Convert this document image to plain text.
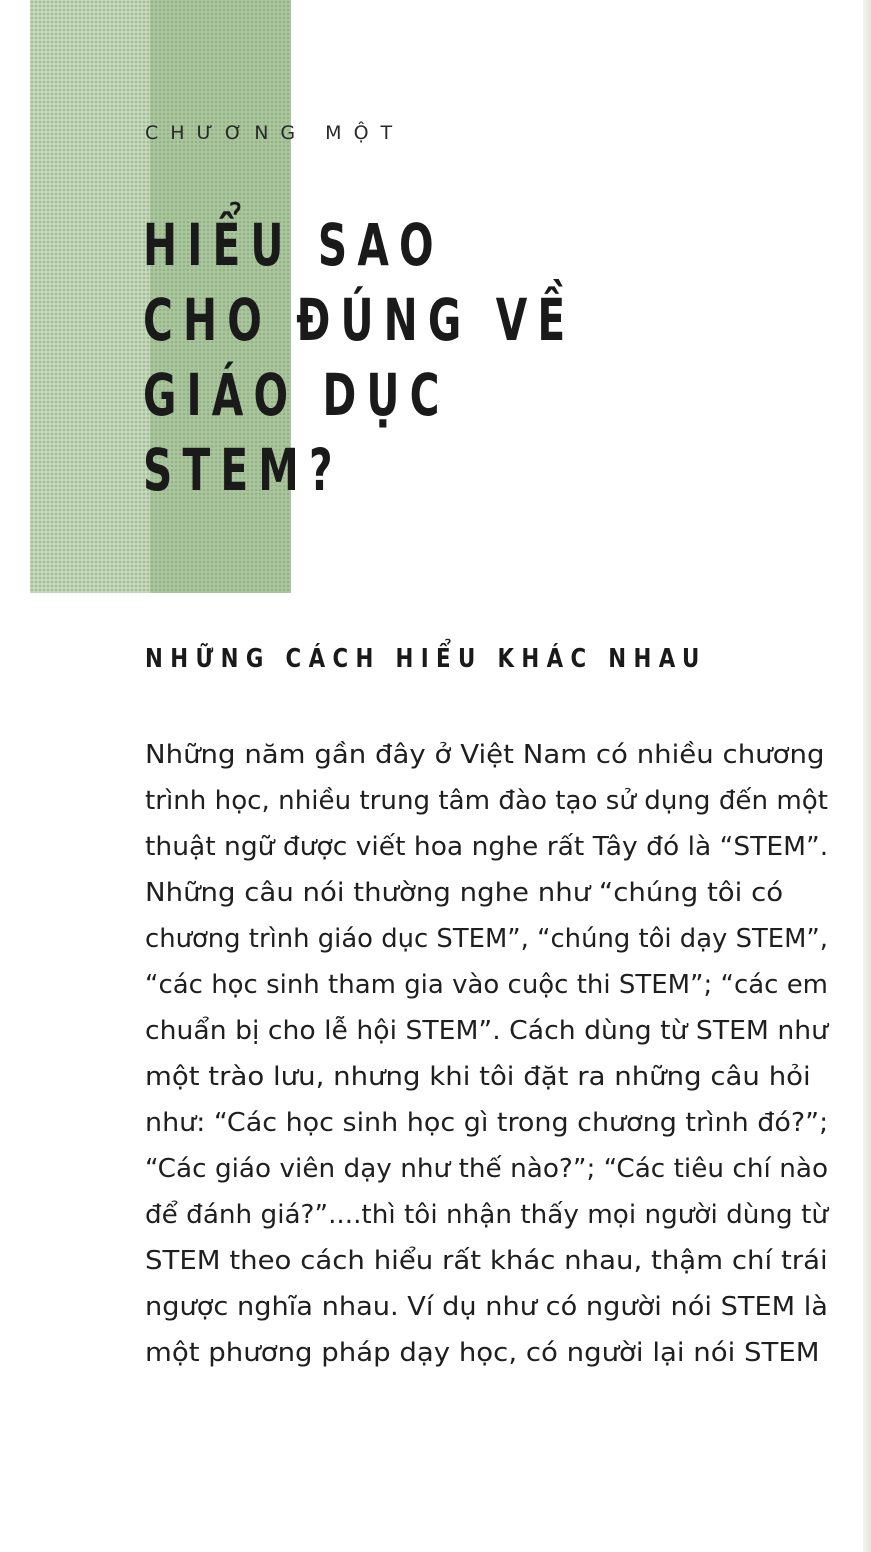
CHƯƠNG MỘT
HIỂU SAO
CHO ĐÚNG VỀ
GIÁO DỤC
STEM?
NHỮNG CÁCH HIỂU KHÁC NHAU
Những năm gần đây ở Việt Nam có nhiều chương
trình học, nhiều trung tâm đào tạo sử dụng đến một
thuật ngữ được viết hoa nghe rất Tây đó là “STEM”.
Những câu nói thường nghe như “chúng tôi có
chương trình giáo dục STEM”, “chúng tôi dạy STEM”,
“các học sinh tham gia vào cuộc thi STEM”; “các em
chuẩn bị cho lễ hội STEM”. Cách dùng từ STEM như
một trào lưu, nhưng khi tôi đặt ra những câu hỏi
như: “Các học sinh học gì trong chương trình đó?”;
“Các giáo viên dạy như thế nào?”; “Các tiêu chí nào
để đánh giá?”....thì tôi nhận thấy mọi người dùng từ
STEM theo cách hiểu rất khác nhau, thậm chí trái
ngược nghĩa nhau. Ví dụ như có người nói STEM là
một phương pháp dạy học, có người lại nói STEM
